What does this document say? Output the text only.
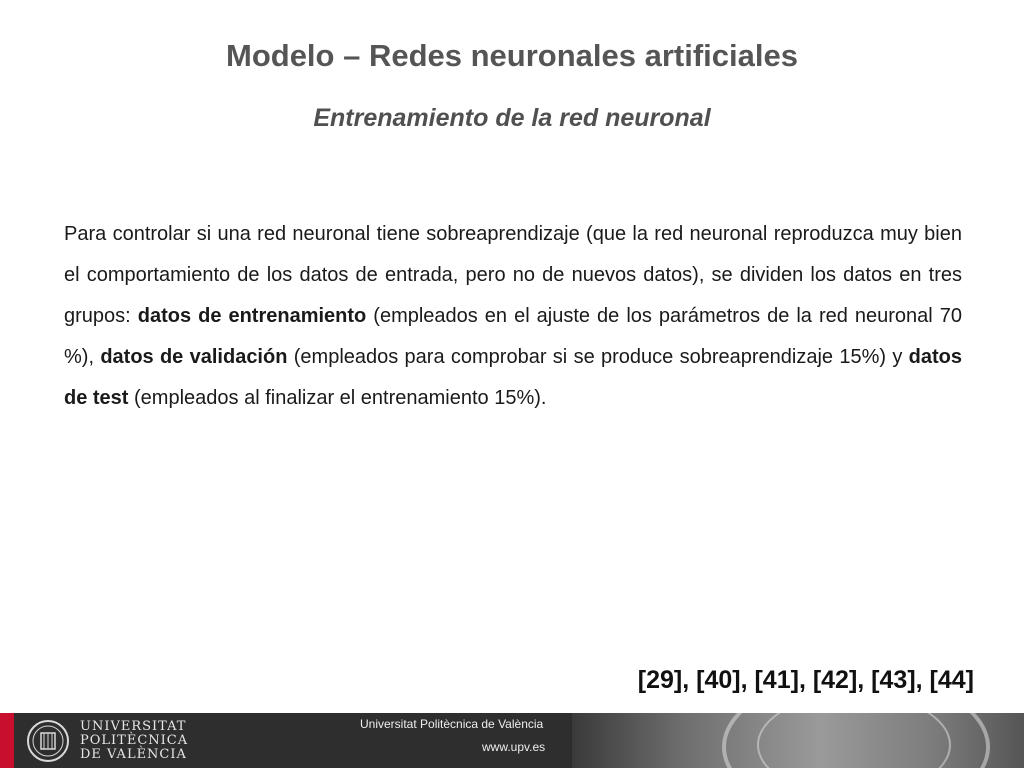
Modelo – Redes neuronales artificiales
Entrenamiento de la red neuronal
Para controlar si una red neuronal tiene sobreaprendizaje (que la red neuronal reproduzca muy bien el comportamiento de los datos de entrada, pero no de nuevos datos), se dividen los datos en tres grupos: datos de entrenamiento (empleados en el ajuste de los parámetros de la red neuronal 70 %), datos de validación (empleados para comprobar si se produce sobreaprendizaje 15%) y datos de test (empleados al finalizar el entrenamiento 15%).
[29], [40], [41], [42], [43], [44]
UNIVERSITAT
POLITÈCNICA
DE VALÈNCIA
Universitat Politècnica de València
www.upv.es
